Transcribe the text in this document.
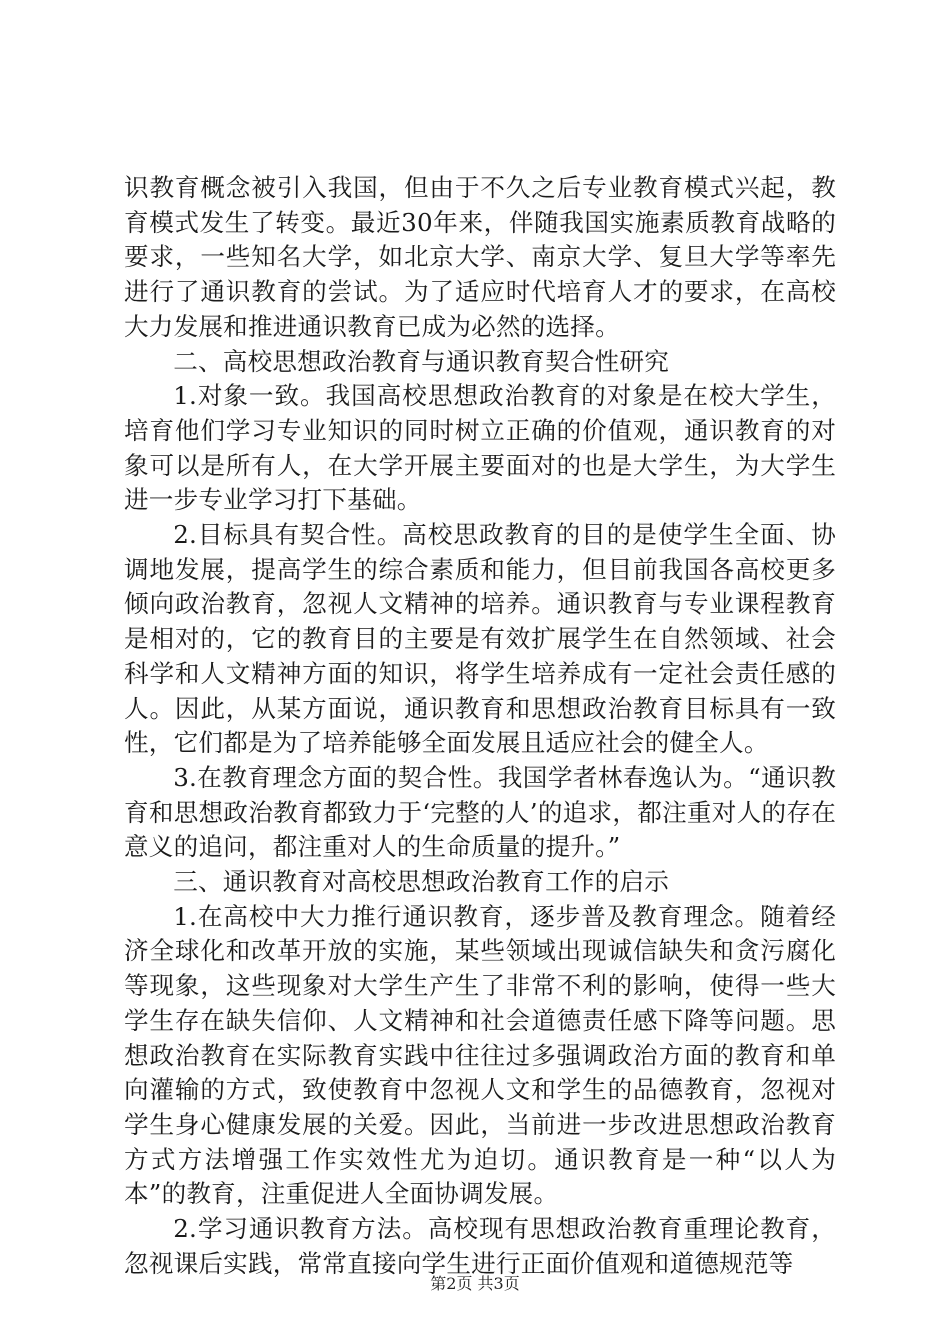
识教育概念被引入我国，但由于不久之后专业教育模式兴起，教育模式发生了转变。最近30年来，伴随我国实施素质教育战略的要求，一些知名大学，如北京大学、南京大学、复旦大学等率先进行了通识教育的尝试。为了适应时代培育人才的要求，在高校大力发展和推进通识教育已成为必然的选择。

二、高校思想政治教育与通识教育契合性研究

1.对象一致。我国高校思想政治教育的对象是在校大学生，培育他们学习专业知识的同时树立正确的价值观，通识教育的对象可以是所有人，在大学开展主要面对的也是大学生，为大学生进一步专业学习打下基础。

2.目标具有契合性。高校思政教育的目的是使学生全面、协调地发展，提高学生的综合素质和能力，但目前我国各高校更多倾向政治教育，忽视人文精神的培养。通识教育与专业课程教育是相对的，它的教育目的主要是有效扩展学生在自然领域、社会科学和人文精神方面的知识，将学生培养成有一定社会责任感的人。因此，从某方面说，通识教育和思想政治教育目标具有一致性，它们都是为了培养能够全面发展且适应社会的健全人。

3.在教育理念方面的契合性。我国学者林春逸认为。“通识教育和思想政治教育都致力于‘完整的人’的追求，都注重对人的存在意义的追问，都注重对人的生命质量的提升。”

三、通识教育对高校思想政治教育工作的启示

1.在高校中大力推行通识教育，逐步普及教育理念。随着经济全球化和改革开放的实施，某些领域出现诚信缺失和贪污腐化等现象，这些现象对大学生产生了非常不利的影响，使得一些大学生存在缺失信仰、人文精神和社会道德责任感下降等问题。思想政治教育在实际教育实践中往往过多强调政治方面的教育和单向灌输的方式，致使教育中忽视人文和学生的品德教育，忽视对学生身心健康发展的关爱。因此，当前进一步改进思想政治教育方式方法增强工作实效性尤为迫切。通识教育是一种“以人为本”的教育，注重促进人全面协调发展。

2.学习通识教育方法。高校现有思想政治教育重理论教育，忽视课后实践，常常直接向学生进行正面价值观和道德规范等

第2页 共3页
